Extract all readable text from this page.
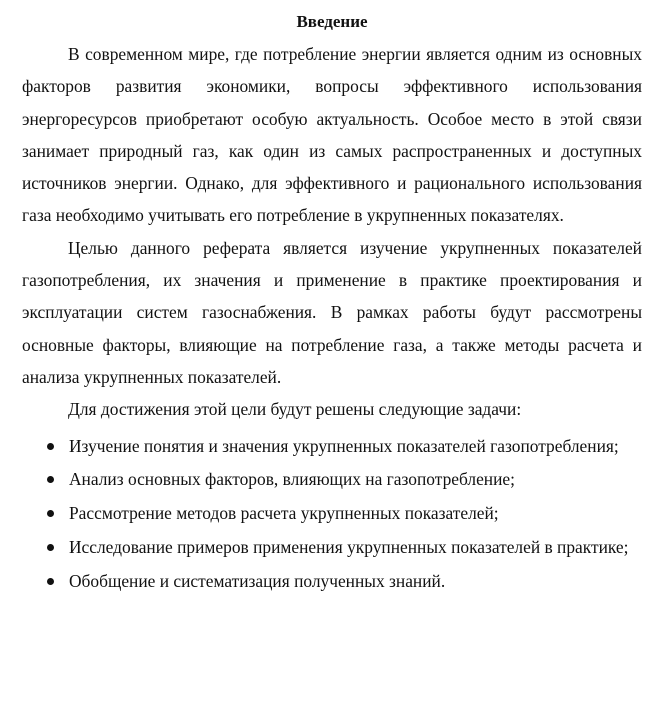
Введение

В современном мире, где потребление энергии является одним из основных факторов развития экономики, вопросы эффективного использования энергоресурсов приобретают особую актуальность. Особое место в этой связи занимает природный газ, как один из самых распространенных и доступных источников энергии. Однако, для эффективного и рационального использования газа необходимо учитывать его потребление в укрупненных показателях.

Целью данного реферата является изучение укрупненных показателей газопотребления, их значения и применение в практике проектирования и эксплуатации систем газоснабжения. В рамках работы будут рассмотрены основные факторы, влияющие на потребление газа, а также методы расчета и анализа укрупненных показателей.

Для достижения этой цели будут решены следующие задачи:

Изучение понятия и значения укрупненных показателей газопотребления;
Анализ основных факторов, влияющих на газопотребление;
Рассмотрение методов расчета укрупненных показателей;
Исследование примеров применения укрупненных показателей в практике;
Обобщение и систематизация полученных знаний.
